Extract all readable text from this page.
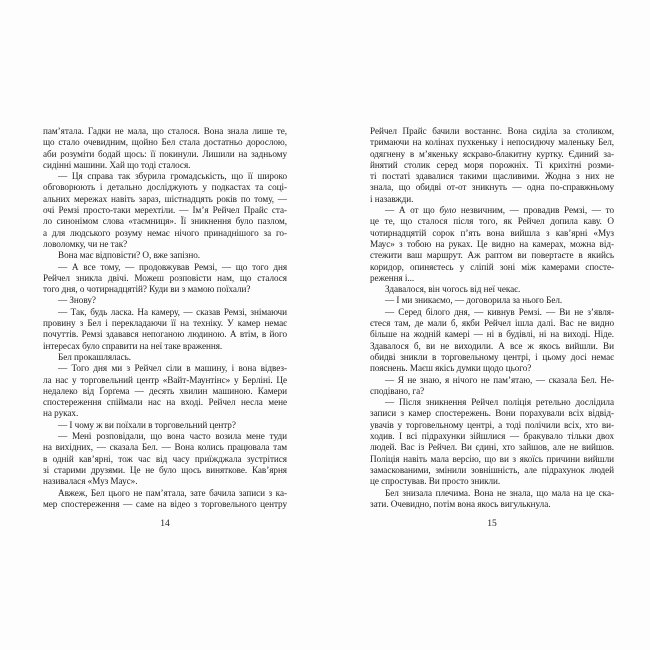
пам’ятала. Гадки не мала, що сталося. Вона знала лише те,
що стало очевидним, щойно Бел стала достатньо дорослою,
аби розуміти бодай щось: її покинули. Лишили на задньому
сидінні машини. Хай що тоді сталося.
— Ця справа так збурила громадськість, що її широко
обговорюють і детально досліджують у подкастах та соці-
альних мережах навіть зараз, шістнадцять років по тому, —
очі Ремзі просто-таки мерехтіли. — Ім’я Рейчел Прайс ста-
ло синонімом слова «таємниця». Її зникнення було пазлом,
а для людського розуму немає нічого принаднішого за го-
ловоломку, чи не так?
Вона має відповісти? О, вже запізно.
— А все тому, — продовжував Ремзі, — що того дня
Рейчел зникла двічі. Можеш розповісти нам, що сталося
того дня, о чотирнадцятій? Куди ви з мамою поїхали?
— Знову?
— Так, будь ласка. На камеру, — сказав Ремзі, знімаючи
провину з Бел і перекладаючи її на техніку. У камер немає
почуттів. Ремзі здавався непоганою людиною. А втім, в його
інтересах було справити на неї таке враження.
Бел прокашлялась.
— Того дня ми з Рейчел сіли в машину, і вона відвез-
ла нас у торговельний центр «Вайт-Маунтінс» у Берліні. Це
недалеко від Ґорґема — десять хвилин машиною. Камери
спостереження спіймали нас на вході. Рейчел несла мене
на руках.
— І чому ж ви поїхали в торговельний центр?
— Мені розповідали, що вона часто возила мене туди
на вихідних, — сказала Бел. — Вона колись працювала там
в одній кав’ярні, тож час від часу приїжджала зустрітися
зі старими друзями. Це не було щось виняткове. Кав’ярня
називалася «Муз Маус».
Авжеж, Бел цього не пам’ятала, зате бачила записи з ка-
мер спостереження — саме на відео з торговельного центру
14
Рейчел Прайс бачили востаннє. Вона сиділа за столиком,
тримаючи на колінах пухкеньку і непосидючу маленьку Бел,
одягнену в м’якеньку яскраво-блакитну куртку. Єдиний за-
йнятий столик серед моря порожніх. Ті крихітні розми-
ті постаті здавалися такими щасливими. Жодна з них не
знала, що обидві от-от зникнуть — одна по-справжньому
і назавжди.
— А от що було незвичним, — провадив Ремзі, — то
це те, що сталося після того, як Рейчел допила каву. О
чотирнадцятій сорок п’ять вона вийшла з кав’ярні «Муз
Маус» з тобою на руках. Це видно на камерах, можна від-
стежити ваш маршрут. Аж раптом ви повертаєте в якийсь
коридор, опиняєтесь у сліпій зоні між камерами спосте-
реження і...
Здавалося, він чогось від неї чекає.
— І ми зникаємо, — договорила за нього Бел.
— Серед білого дня, — кивнув Ремзі. — Ви не з’явля-
єтеся там, де мали б, якби Рейчел ішла далі. Вас не видно
більше на жодній камері — ні в будівлі, ні на виході. Ніде.
Здавалося б, ви не виходили. А все ж якось вийшли. Ви
обидві зникли в торговельному центрі, і цьому досі немає
пояснень. Маєш якісь думки щодо цього?
— Я не знаю, я нічого не пам’ятаю, — сказала Бел. Не-
сподівано, га?
— Після зникнення Рейчел поліція ретельно дослідила
записи з камер спостережень. Вони порахували всіх відвід-
увачів у торговельному центрі, а тоді полічили всіх, хто ви-
ходив. І всі підрахунки зійшлися — бракувало тільки двох
людей. Вас із Рейчел. Ви єдині, хто зайшов, але не вийшов.
Поліція навіть мала версію, що ви з якоїсь причини вийшли
замаскованими, змінили зовнішність, але підрахунок людей
це спростував. Ви просто зникли.
Бел знизала плечима. Вона не знала, що мала на це ска-
зати. Очевидно, потім вона якось вигулькнула.
15
